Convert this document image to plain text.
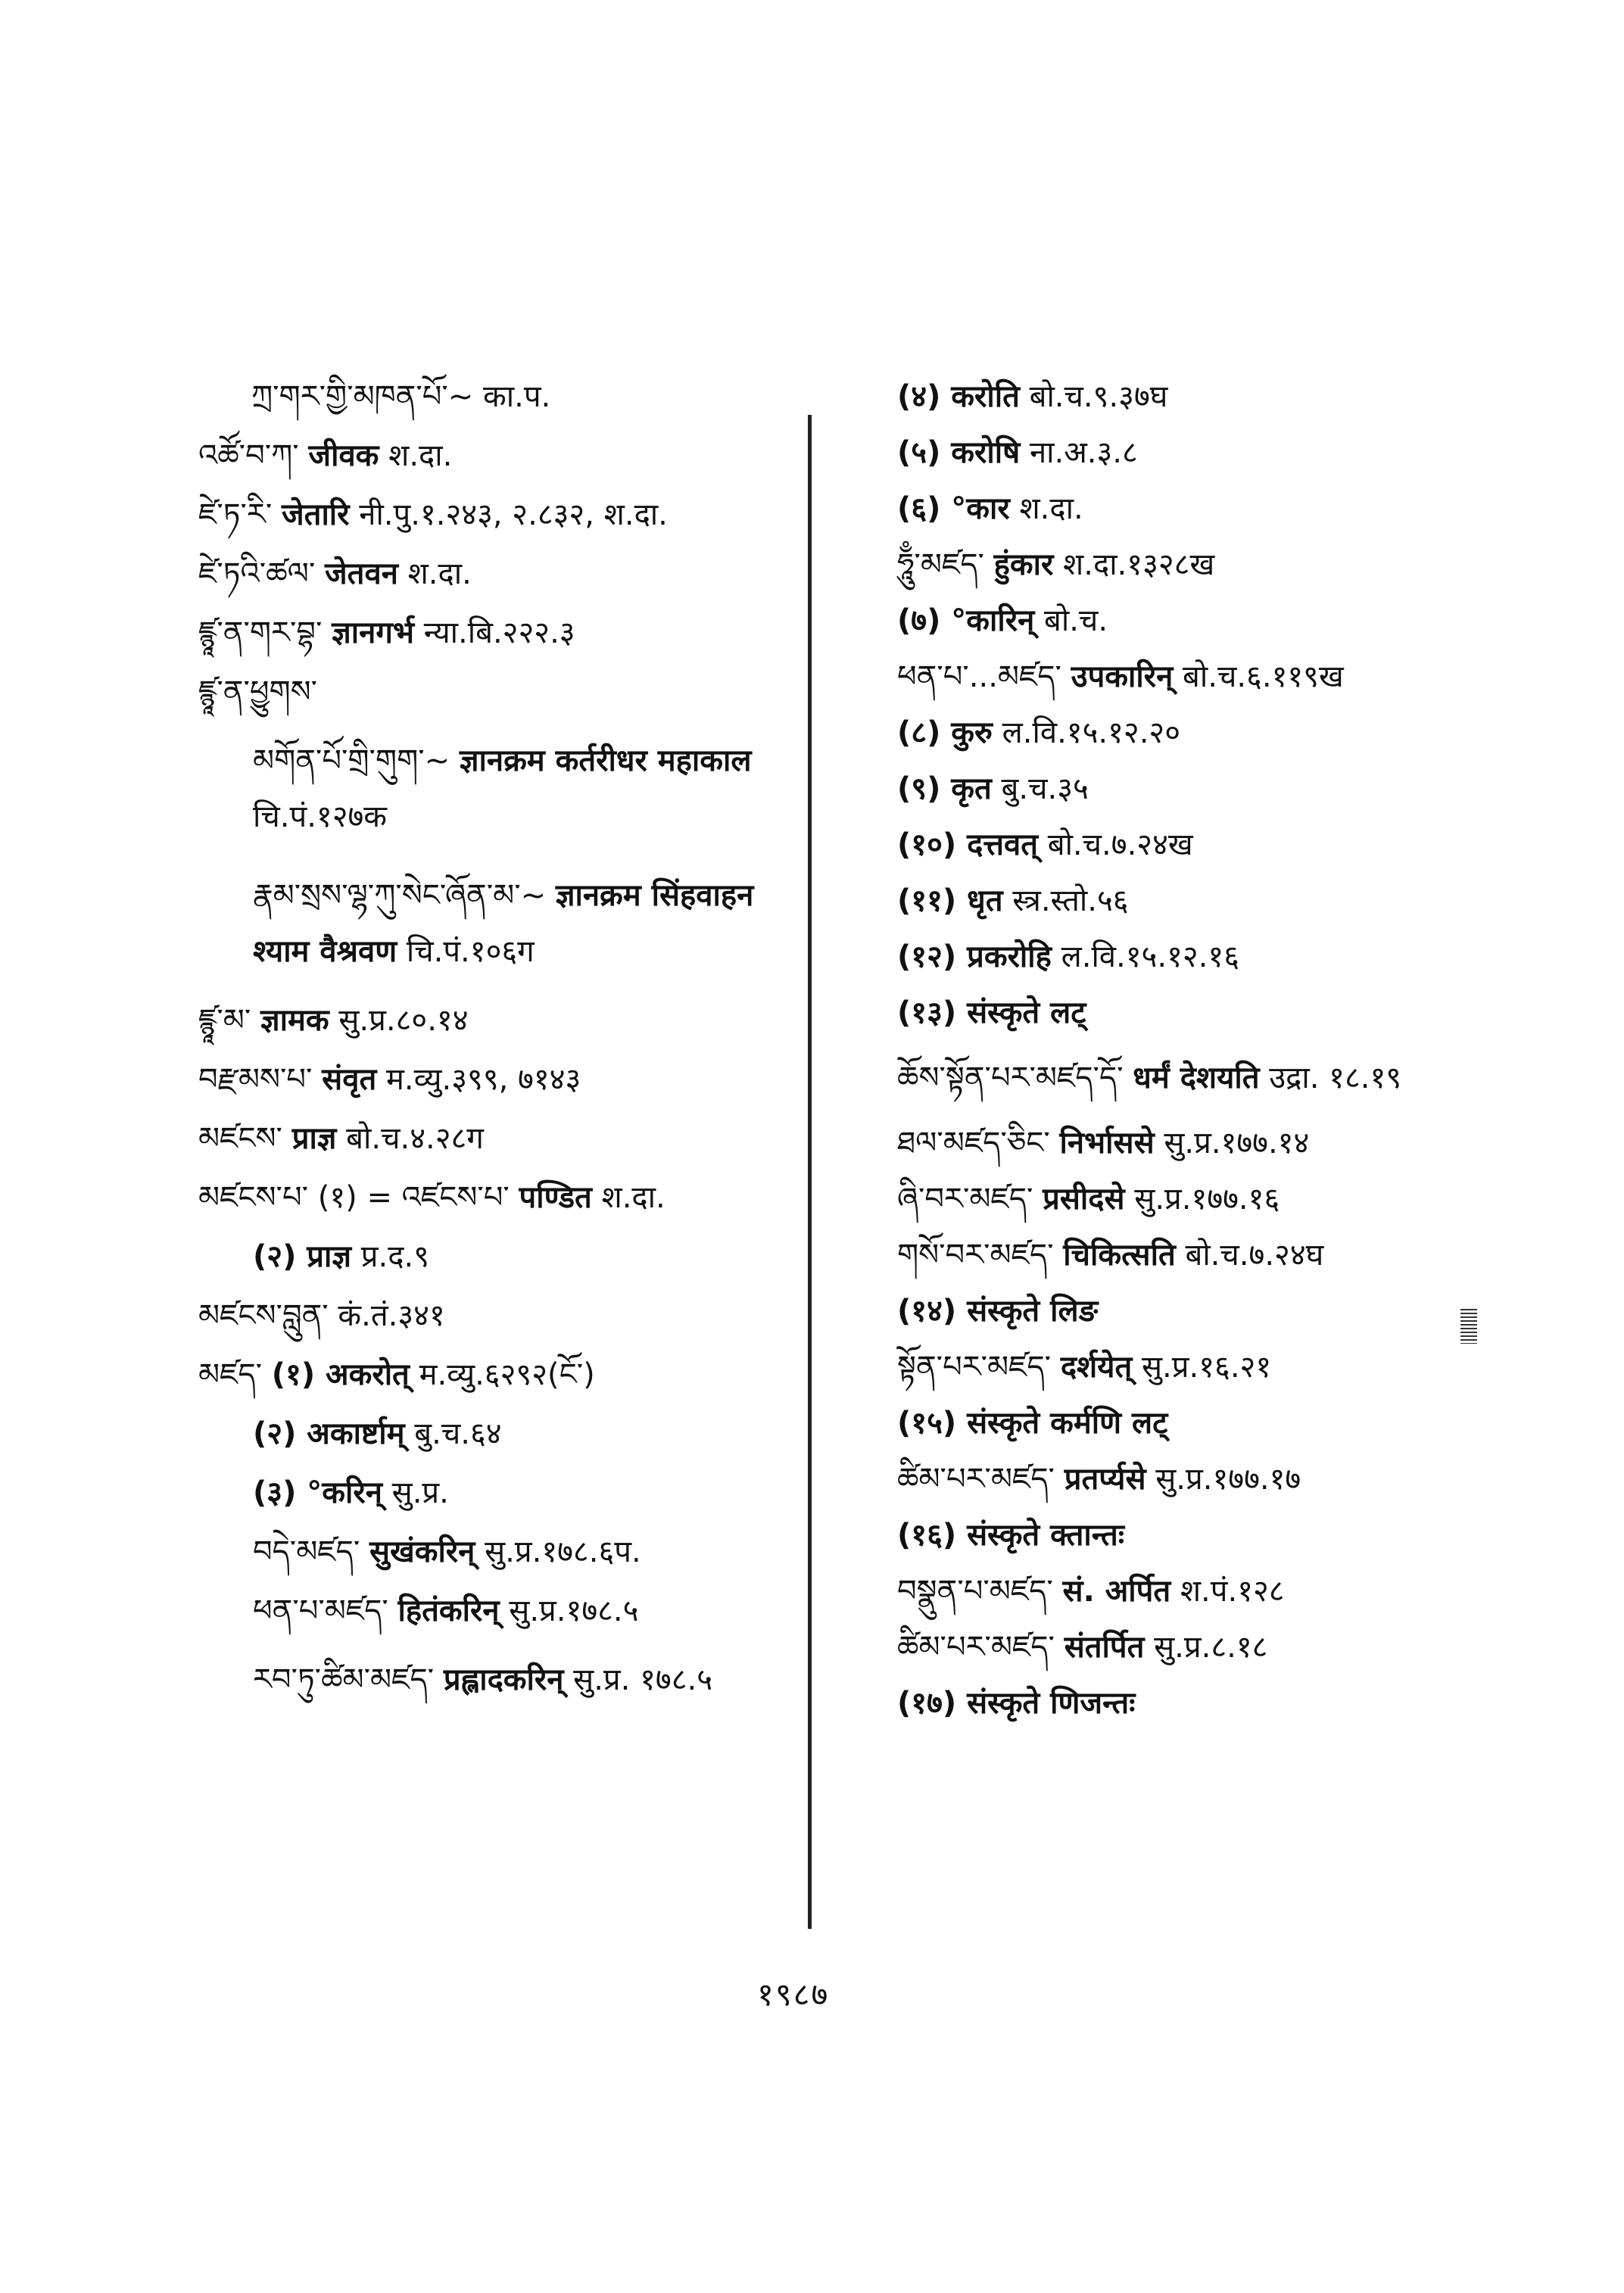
ཀྲ་གར་གྱི་མཁན་པོ་~ का.प.
འཚོ་བ་ཀ་ जीवक श.दा.
ཛེ་ཏ་རི་ जेतारि नी.पु.१.२४३, २.८३२, श.दा.
ཛེ་ཏའི་ཚལ་ जेतवन श.दा.
ཛྙཱ་ན་གར་བྷ་ ज्ञानगर्भ न्या.बि.२२२.३
ཛྙཱ་ན་ཕྱུགས་
མགོན་པོ་གྲི་གུག་~ ज्ञानक्रम कर्तरीधर महाकाल चि.पं.१२७क
རྣམ་སྲས་ལྷ་ཀུ་སེང་ཞོན་མ་~ ज्ञानक्रम सिंहवाहन श्याम वैश्रवण चि.पं.१०६ग
ཛྙཱ་མ་ ज्ञामक सु.प्र.८०.१४
བརྫམས་པ་ संवृत म.व्यु.३९९, ७१४३
མཛངས་ प्राज्ञ बो.च.४.२८ग
མཛངས་པ་ (१) = འཛངས་པ་ पण्डित श.दा.
(२) प्राज्ञ प्र.द.९
མཛངས་བླུན་ कं.तं.३४१
མཛད་ (१) अकरोत् म.व्यु.६२९२(ངོ་)
(२) अकार्ष्टाम् बु.च.६४
(३) °करिन् सु.प्र.
བདེ་མཛད་ सुखंकरिन् सु.प्र.१७८.६प.
ཕན་པ་མཛད་ हितंकरिन् सु.प्र.१७८.५
རབ་ཏུ་ཚིམ་མཛད་ प्रह्लादकरिन् सु.प्र. १७८.५
(४) करोति बो.च.९.३७घ
(५) करोषि ना.अ.३.८
(६) °कार श.दा.
ཧཱུྃ་མཛད་ हुंकार श.दा.१३२८ख
(७) °कारिन् बो.च.
ཕན་པ་...མཛད་ उपकारिन् बो.च.६.११९ख
(८) कुरु ल.वि.१५.१२.२०
(९) कृत बु.च.३५
(१०) दत्तवत् बो.च.७.२४ख
(११) धृत स्त्र.स्तो.५६
(१२) प्रकरोहि ल.वि.१५.१२.१६
(१३) संस्कृते लट्
ཆོས་སྟོན་པར་མཛད་དོ་ धर्मं देशयति उद्रा. १८.१९
ཐལ་མཛད་ཅིང་ निर्भाससे सु.प्र.१७७.१४
ཞི་བར་མཛད་ प्रसीदसे सु.प्र.१७७.१६
གསོ་བར་མཛད་ चिकित्सति बो.च.७.२४घ
(१४) संस्कृते लिङ
སྟོན་པར་མཛད་ दर्शयेत् सु.प्र.१६.२१
(१५) संस्कृते कर्मणि लट्
ཚིམ་པར་མཛད་ प्रतर्प्यसे सु.प्र.१७७.१७
(१६) संस्कृते क्तान्तः
བསྣུན་པ་མཛད་ सं. अर्पित श.पं.१२८
ཚིམ་པར་མཛད་ संतर्पित सु.प्र.८.१८
(१७) संस्कृते णिजन्तः
१९८७
